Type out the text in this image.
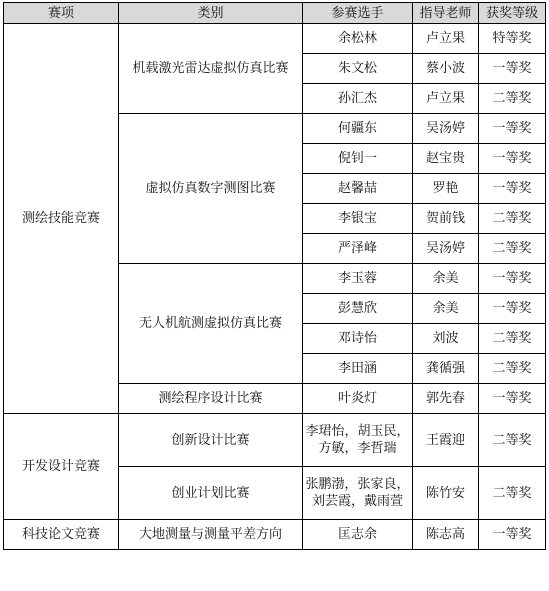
赛项	类别	参赛选手	指导老师	获奖等级
测绘技能竞赛	机载激光雷达虚拟仿真比赛	余松林	卢立果	特等奖
		朱文松	蔡小波	一等奖
		孙汇杰	卢立果	二等奖
	虚拟仿真数字测图比赛	何疆东	吴汤婷	一等奖
		倪钊一	赵宝贵	一等奖
		赵馨喆	罗艳	一等奖
		李银宝	贺前钱	二等奖
		严泽峰	吴汤婷	二等奖
	无人机航测虚拟仿真比赛	李玉蓉	余美	一等奖
		彭慧欣	余美	一等奖
		邓诗怡	刘波	二等奖
		李田涵	龚循强	二等奖
	测绘程序设计比赛	叶炎灯	郭先春	一等奖
开发设计竞赛	创新设计比赛	李珺怡，胡玉民，方敏，李哲瑞	王霞迎	二等奖
	创业计划比赛	张鹏渤，张家良，刘芸霞，戴雨萱	陈竹安	二等奖
科技论文竞赛	大地测量与测量平差方向	匡志余	陈志高	一等奖
